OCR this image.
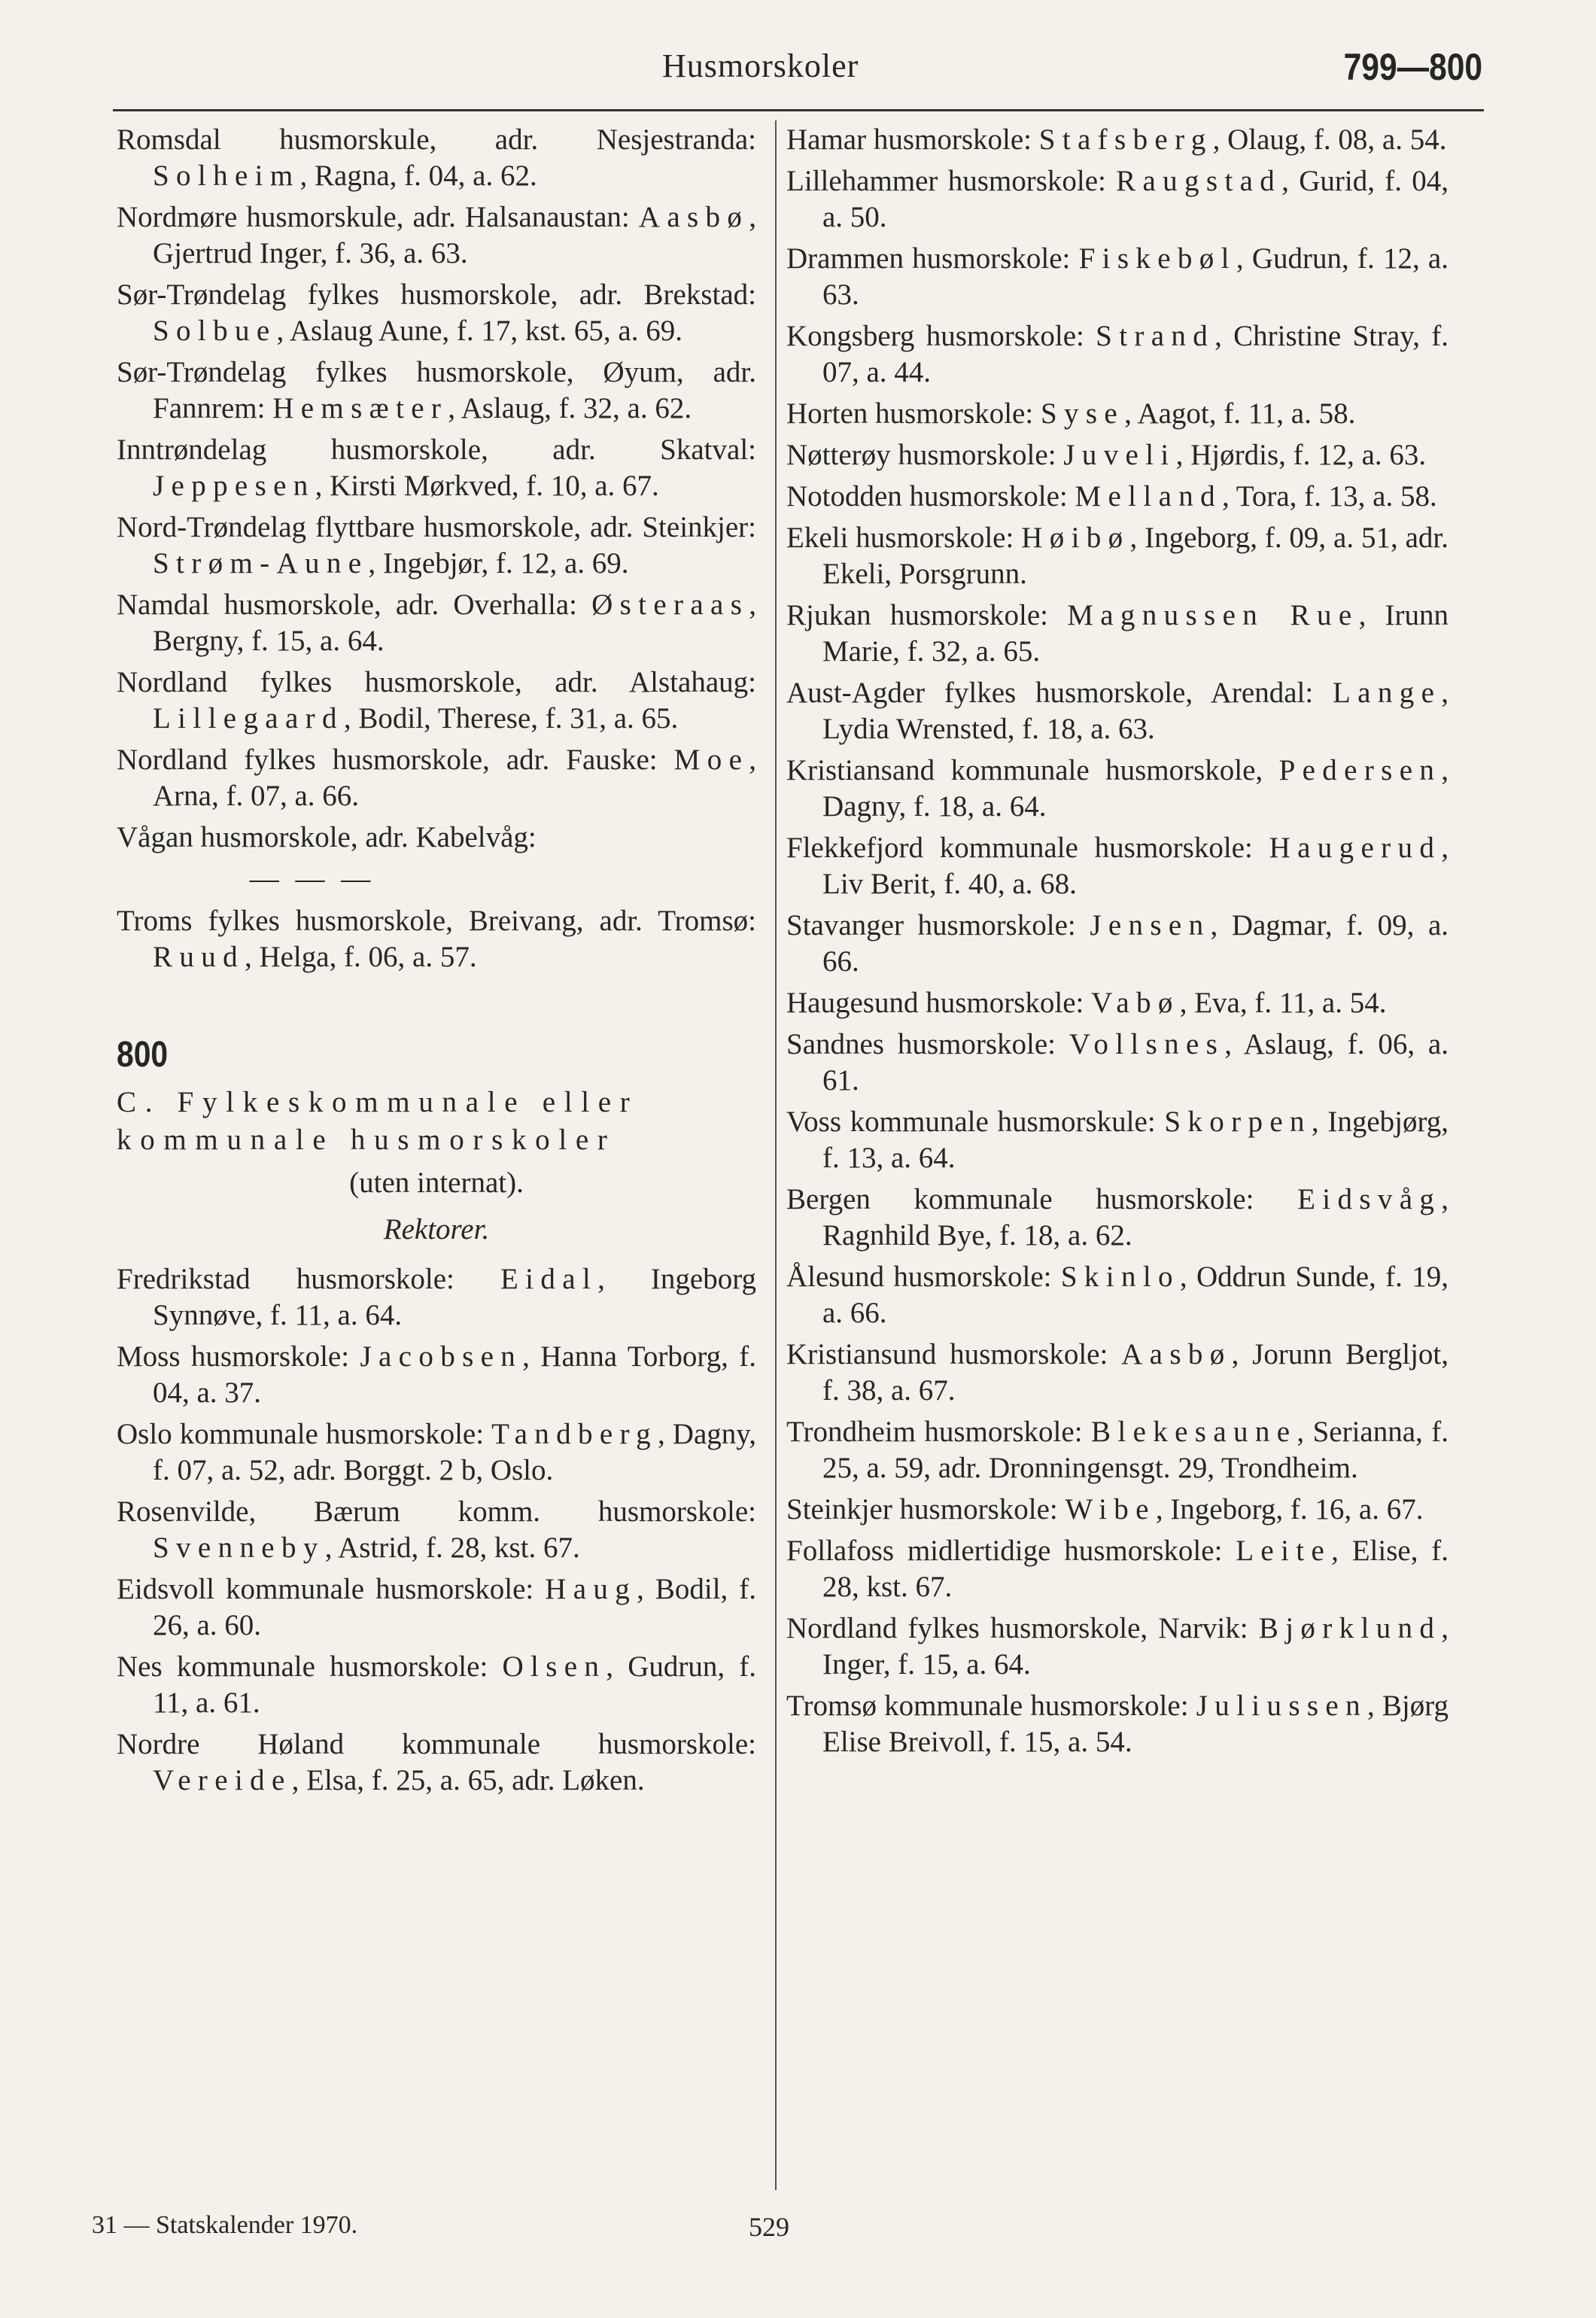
Husmorskoler	799—800
Romsdal husmorskule, adr. Nesjestranda: Solheim, Ragna, f. 04, a. 62.
Nordmøre husmorskule, adr. Halsanaustan: Aasbø, Gjertrud Inger, f. 36, a. 63.
Sør-Trøndelag fylkes husmorskole, adr. Brekstad: Solbue, Aslaug Aune, f. 17, kst. 65, a. 69.
Sør-Trøndelag fylkes husmorskole, Øyum, adr. Fannrem: Hemsæter, Aslaug, f. 32, a. 62.
Inntrøndelag husmorskole, adr. Skatval: Jeppesen, Kirsti Mørkved, f. 10, a. 67.
Nord-Trøndelag flyttbare husmorskole, adr. Steinkjer: Strøm-Aune, Ingebjør, f. 12, a. 69.
Namdal husmorskole, adr. Overhalla: Østeraas, Bergny, f. 15, a. 64.
Nordland fylkes husmorskole, adr. Alstahaug: Lillegaard, Bodil, Therese, f. 31, a. 65.
Nordland fylkes husmorskole, adr. Fauske: Moe, Arna, f. 07, a. 66.
Vågan husmorskole, adr. Kabelvåg:
— — —
Troms fylkes husmorskole, Breivang, adr. Tromsø: Ruud, Helga, f. 06, a. 57.
800
C. Fylkeskommunale eller kommunale husmorskoler
(uten internat).
Rektorer.
Fredrikstad husmorskole: Eidal, Ingeborg Synnøve, f. 11, a. 64.
Moss husmorskole: Jacobsen, Hanna Torborg, f. 04, a. 37.
Oslo kommunale husmorskole: Tandberg, Dagny, f. 07, a. 52, adr. Borggt. 2 b, Oslo.
Rosenvilde, Bærum komm. husmorskole: Svenneby, Astrid, f. 28, kst. 67.
Eidsvoll kommunale husmorskole: Haug, Bodil, f. 26, a. 60.
Nes kommunale husmorskole: Olsen, Gudrun, f. 11, a. 61.
Nordre Høland kommunale husmorskole: Vereide, Elsa, f. 25, a. 65, adr. Løken.
Hamar husmorskole: Stafsberg, Olaug, f. 08, a. 54.
Lillehammer husmorskole: Raugstad, Gurid, f. 04, a. 50.
Drammen husmorskole: Fiskebøl, Gudrun, f. 12, a. 63.
Kongsberg husmorskole: Strand, Christine Stray, f. 07, a. 44.
Horten husmorskole: Syse, Aagot, f. 11, a. 58.
Nøtterøy husmorskole: Juveli, Hjørdis, f. 12, a. 63.
Notodden husmorskole: Melland, Tora, f. 13, a. 58.
Ekeli husmorskole: Høibø, Ingeborg, f. 09, a. 51, adr. Ekeli, Porsgrunn.
Rjukan husmorskole: Magnussen Rue, Irunn Marie, f. 32, a. 65.
Aust-Agder fylkes husmorskole, Arendal: Lange, Lydia Wrensted, f. 18, a. 63.
Kristiansand kommunale husmorskole, Pedersen, Dagny, f. 18, a. 64.
Flekkefjord kommunale husmorskole: Haugerud, Liv Berit, f. 40, a. 68.
Stavanger husmorskole: Jensen, Dagmar, f. 09, a. 66.
Haugesund husmorskole: Vabø, Eva, f. 11, a. 54.
Sandnes husmorskole: Vollsnes, Aslaug, f. 06, a. 61.
Voss kommunale husmorskule: Skorpen, Ingebjørg, f. 13, a. 64.
Bergen kommunale husmorskole: Eidsvåg, Ragnhild Bye, f. 18, a. 62.
Ålesund husmorskole: Skinlo, Oddrun Sunde, f. 19, a. 66.
Kristiansund husmorskole: Aasbø, Jorunn Bergljot, f. 38, a. 67.
Trondheim husmorskole: Blekesaune, Serianna, f. 25, a. 59, adr. Dronningensgt. 29, Trondheim.
Steinkjer husmorskole: Wibe, Ingeborg, f. 16, a. 67.
Follafoss midlertidige husmorskole: Leite, Elise, f. 28, kst. 67.
Nordland fylkes husmorskole, Narvik: Bjørklund, Inger, f. 15, a. 64.
Tromsø kommunale husmorskole: Juliussen, Bjørg Elise Breivoll, f. 15, a. 54.
31 — Statskalender 1970.	529
